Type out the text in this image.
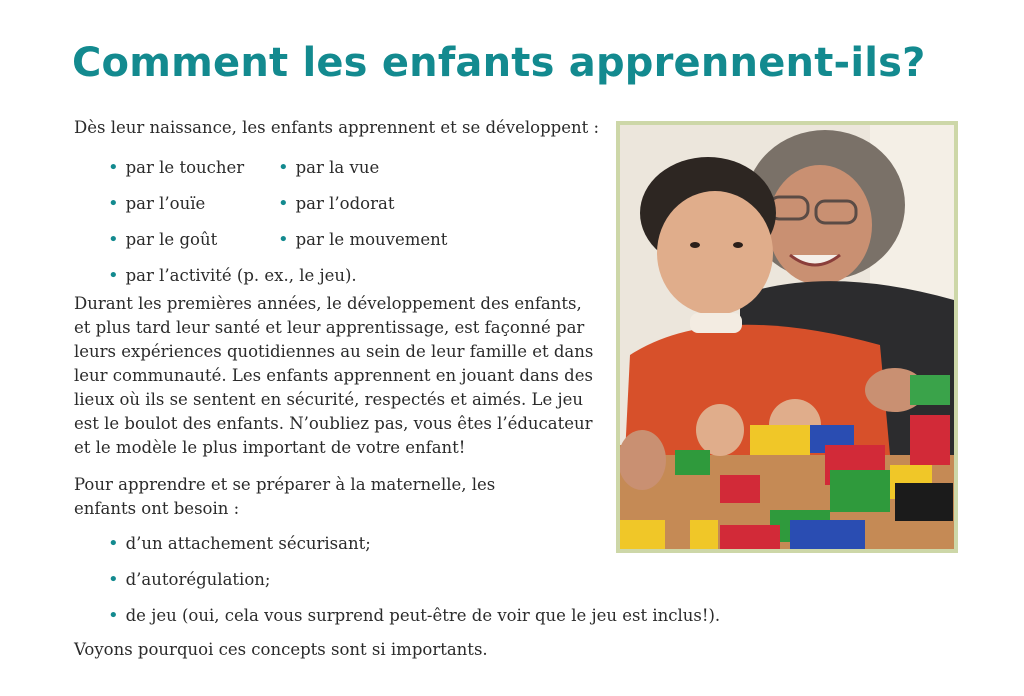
Comment les enfants apprennent-ils?

Dès leur naissance, les enfants apprennent et se développent :

• par le toucher • par la vue
• par l’ouïe	• par l’odorat
• par le goût	• par le mouvement
• par l’activité (p. ex., le jeu).

Durant les premières années, le développement des enfants, et plus tard leur santé et leur apprentissage, est façonné par leurs expériences quotidiennes au sein de leur famille et dans leur communauté. Les enfants apprennent en jouant dans des lieux où ils se sentent en sécurité, respectés et aimés. Le jeu est le boulot des enfants. N’oubliez pas, vous êtes l’éducateur et le modèle le plus important de votre enfant!

Pour apprendre et se préparer à la maternelle, les enfants ont besoin :

• d’un attachement sécurisant;
• d’autorégulation;
• de jeu (oui, cela vous surprend peut-être de voir que le jeu est inclus!).

Voyons pourquoi ces concepts sont si importants.
